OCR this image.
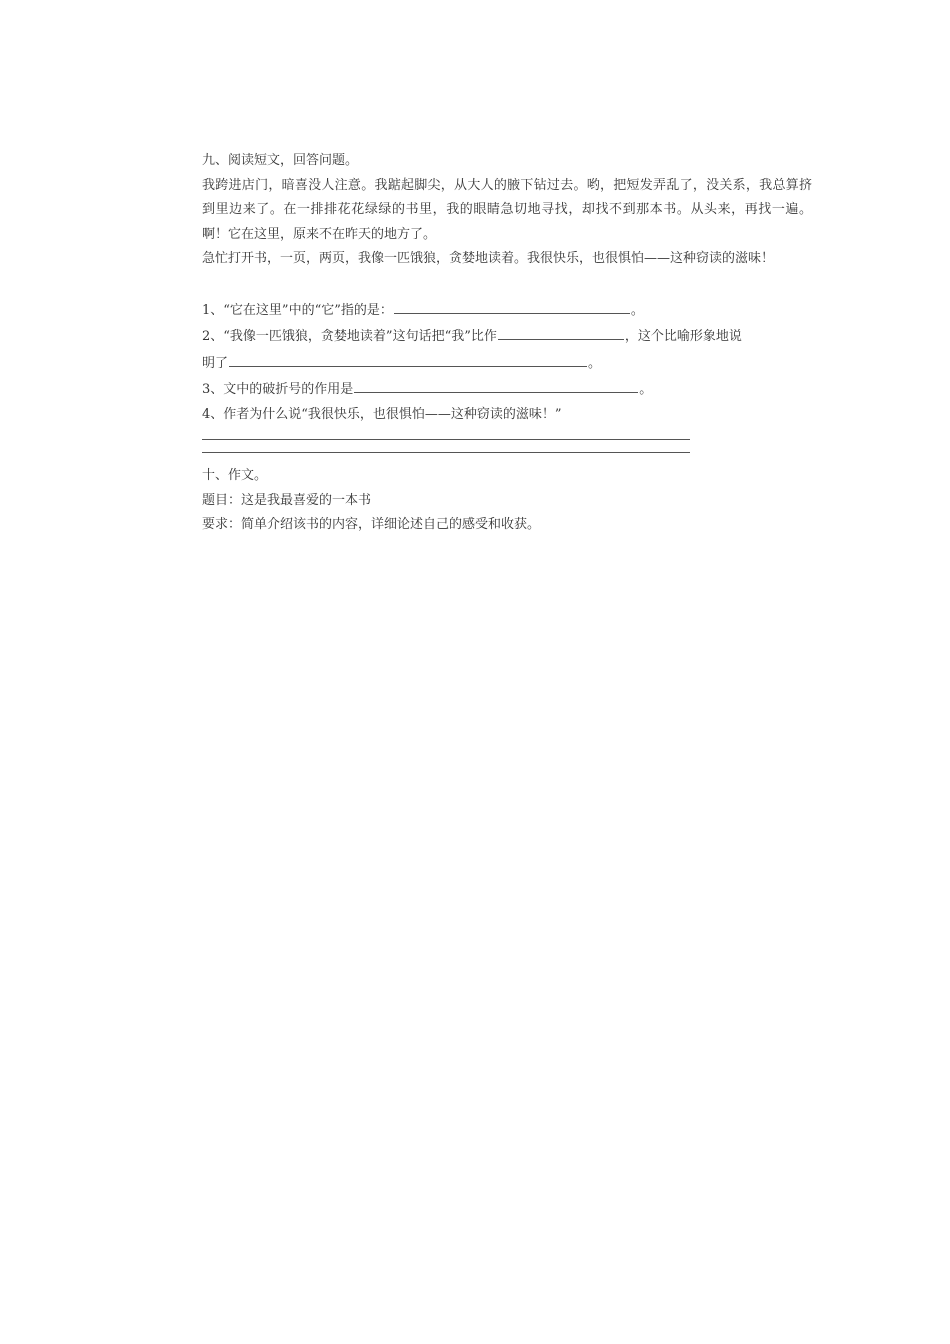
九、阅读短文，回答问题。
我跨进店门，暗喜没人注意。我踮起脚尖，从大人的腋下钻过去。哟，把短发弄乱了，没关系，我总算挤到里边来了。在一排排花花绿绿的书里，我的眼睛急切地寻找，却找不到那本书。从头来，再找一遍。啊！它在这里，原来不在昨天的地方了。
急忙打开书，一页，两页，我像一匹饿狼，贪婪地读着。我很快乐，也很惧怕——这种窃读的滋味！
1、“它在这里”中的“它”指的是：	。
2、“我像一匹饿狼，贪婪地读着”这句话把“我”比作	，这个比喻形象地说
明了	。
3、文中的破折号的作用是	。
4、作者为什么说“我很快乐，也很惧怕——这种窃读的滋味！”
十、作文。
题目：这是我最喜爱的一本书
要求：简单介绍该书的内容，详细论述自己的感受和收获。
